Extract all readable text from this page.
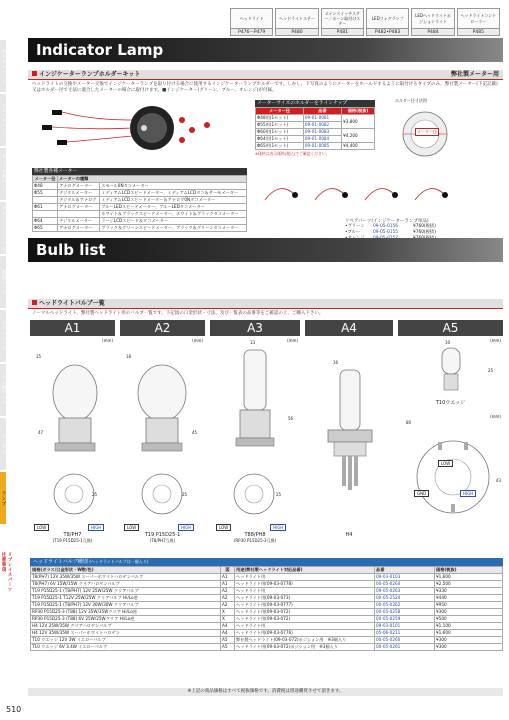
ヘッドライト
P476〜P479
ヘッドライトステー
P480
メインスイッチステー／ホーン取付けステー
P481
LEDフォグランプ
P482•P483
LEDヘッドライトポジションライト
P484
ヘッドライトコントローラー
P485
カスタムパーツ
ブレーキパーツ
ドライブ系パーツ
エキゾーストパーツ
電装パーツ
ボディパーツ
その他パーツ
ケーブル
ランプ
リプレイスパーツ 注意事項
Indicator Lamp
インジケーターランプホルダーキット	弊社製メーター用
ヘッドライトの交換やメーター交換でインジケーターランプを取り付ける場合に使用するインジケーターランプホルダーです。しかし、下写真のようにメーターをホールドするように取付けるタイプのみ、弊社製メーター(下記記載)又はホルダー径で寸法に適合したメーターの場合に取付けます。■インジケーター(グリーン、ブルー、オレンジ)が付属。
メーターサイズのホルダーをラインナップ
メーター径	品番	価格(税抜)
Φ48用(1セット)	09-01-0081	¥3,800
Φ55用(1セット)	09-01-0082	
Φ60用(1セット)	09-01-0083	¥4,200
Φ64用(1セット)	09-01-0084	
Φ65用(1セット)	09-01-0085	¥4,400
※価格は表示価格(税込)でご確認ください。
ホルダー径寸法図
メーター径
弊社製各種メーター
メーター径	メーターの種類	
Φ48	アナログメーター	スモール0Nタコメーター
Φ55	デジタルメーター	ミディアムLCDスピードメーター、ミディアムLCDタコ＆サーモメーター
	デジタル＆アナログ	ミディアムLCDスピードメーター＆アナログ0Nタコメーター
Φ61	アナログメーター	ブルーLEDスピードメーター、ブルーLEDタコメーター
		ホワイト＆ブラックスピードメーター、ホワイト＆ブラックタコメーター
Φ64	デジタルメーター	ラージLCDスピード＆タコメーター
Φ65	アナログメーター	ブラック＆グリーンスピードメーター、ブラック＆グリーンタコメーター
リペアパーツ(インジケーターランプ単品)
•グリーン 09-05-0156	¥760(税抜)
•ブルー	09-05-0155	¥760(税抜)
Bulb list
ヘッドライトバルブ一覧
ノーマルヘッドライト、弊社製ヘッドライト用のバルブ一覧です。下記図の口金形状・寸法、及び一覧表の品番等をご確認の上、ご購入下さい。
A1
(mm)
15
47
25
LOW	HIGH
T8/PH7
(T19 P15D25-1互換)
A2
(mm)
18
45
25
LOW	HIGH
T19 P15D25-1
(T8/PH7互換)
A3
(mm)
13
56
25
LOW	HIGH
T88/PH8
(RP30 P15D25-3互換)
A4
16
H4
A5
(mm)
10
25
T10ウエッジ
(mm)
80
43
LOW
GND	HIGH
ヘッドライトバルブ種別 (ヘッドライトバルブは一個入り)
規格(ガラス/口金形状・W数/色)	図	用途(弊社製ヘッドライト対応品番)	品番	価格(税抜)
T8(PH7) 12V 35W/35W スーパーホワイトハロゲンバルブ	A1	ヘッドライト用	09-03-0103	¥1,600
T8(PH7) 6V 15W/15W クリアハロゲンバルブ	A1	ヘッドライト用(09-03-0778)	00-05-0264	¥2,500
T19 P15D25-1 (T8/PH7) 12V 25W/25W クリアバルブ	A2	ヘッドライト用	09-05-0263	¥330
T19 P15D25-1 T12V 25W/25W クリアバルブ Hi/Lo逆	A2	ヘッドライト用(09-03-073)	00-05-2524	¥440
T19 P15D25-1 (T8/PH7) 12V 30W/30W クリアバルブ	A2	ヘッドライト用(09-03-0777)	00-05-0262	¥950
RP30 P15D25-3 (T88) 12V 35W/35Wクリア Hi/Lo逆	X	ヘッドライト用(09-03-072)	00-05-0258	¥300
RP30 P15D25-3 (T88) 6V 25W/25Wクリア Hi/Lo逆	X	ヘッドライト用(09-03-072)	00-05-0259	¥500
H4 12V 35W/35W クリアハロゲンバルブ	A4	ヘッドライト用	09-03-0101	¥1,100
H4 12V 35W/35W スーパーホワイトハロゲン	A4	ヘッドライト用(09-03-0776)	05-06-0211	¥1,600
T10 ウエッジ 12V 3W イエローバルブ	A5	弊社製ヘッドライト(09-03-072)ポジション用　※3個入り	00-05-0260	¥300
T10 ウエッジ 6V 3.4W イエローバルブ	A5	ヘッドライト用(09-03-072)ポジション用　※3個入り	00-05-0261	¥300
※上記の商品価格はすべて税抜価格です。消費税は別途購買させて頂きます。
510
